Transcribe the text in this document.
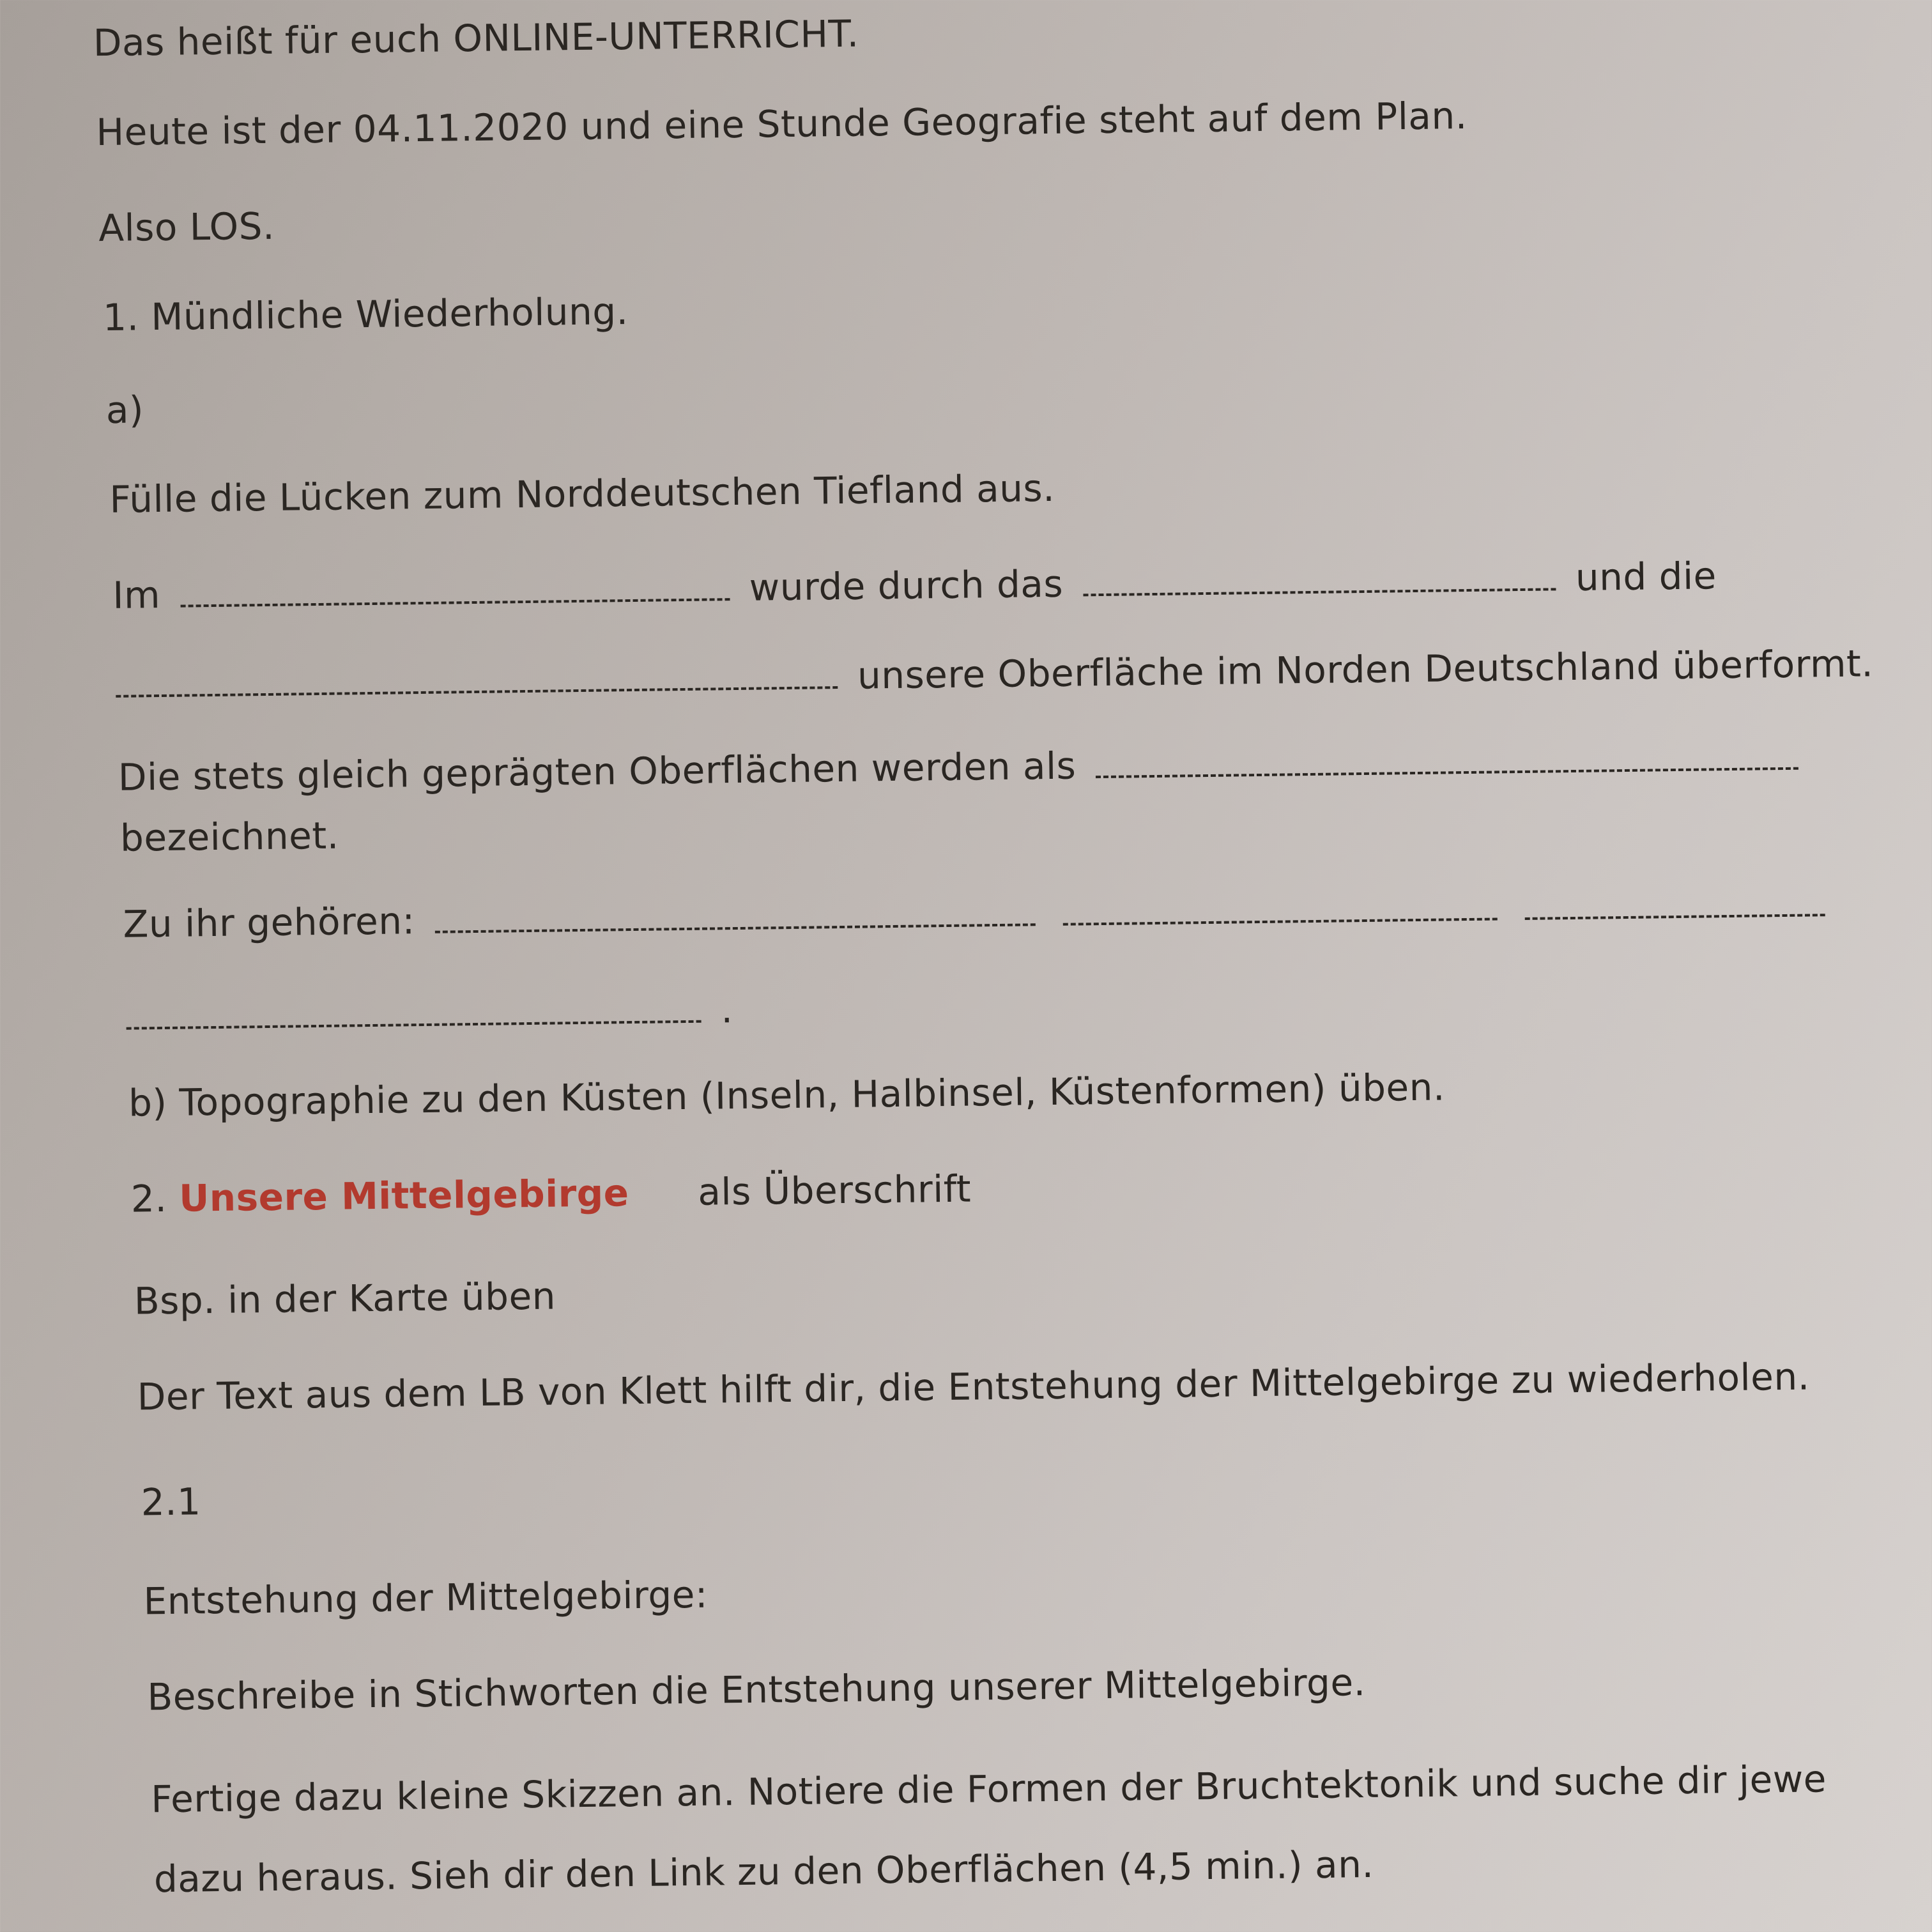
Das heißt für euch ONLINE-UNTERRICHT.
Heute ist der 04.11.2020 und eine Stunde Geografie steht auf dem Plan.
Also LOS.
1. Mündliche Wiederholung.
a)
Fülle die Lücken zum Norddeutschen Tiefland aus.
Im	wurde durch das	und die
unsere Oberfläche im Norden Deutschland überformt.
Die stets gleich geprägten Oberflächen werden als
bezeichnet.
Zu ihr gehören:
.
b) Topographie zu den Küsten (Inseln, Halbinsel, Küstenformen) üben.
2. Unsere Mittelgebirge als Überschrift
Bsp. in der Karte üben
Der Text aus dem LB von Klett hilft dir, die Entstehung der Mittelgebirge zu wiederholen.
2.1
Entstehung der Mittelgebirge:
Beschreibe in Stichworten die Entstehung unserer Mittelgebirge.
Fertige dazu kleine Skizzen an. Notiere die Formen der Bruchtektonik und suche dir jewe
dazu heraus. Sieh dir den Link zu den Oberflächen (4,5 min.) an.
